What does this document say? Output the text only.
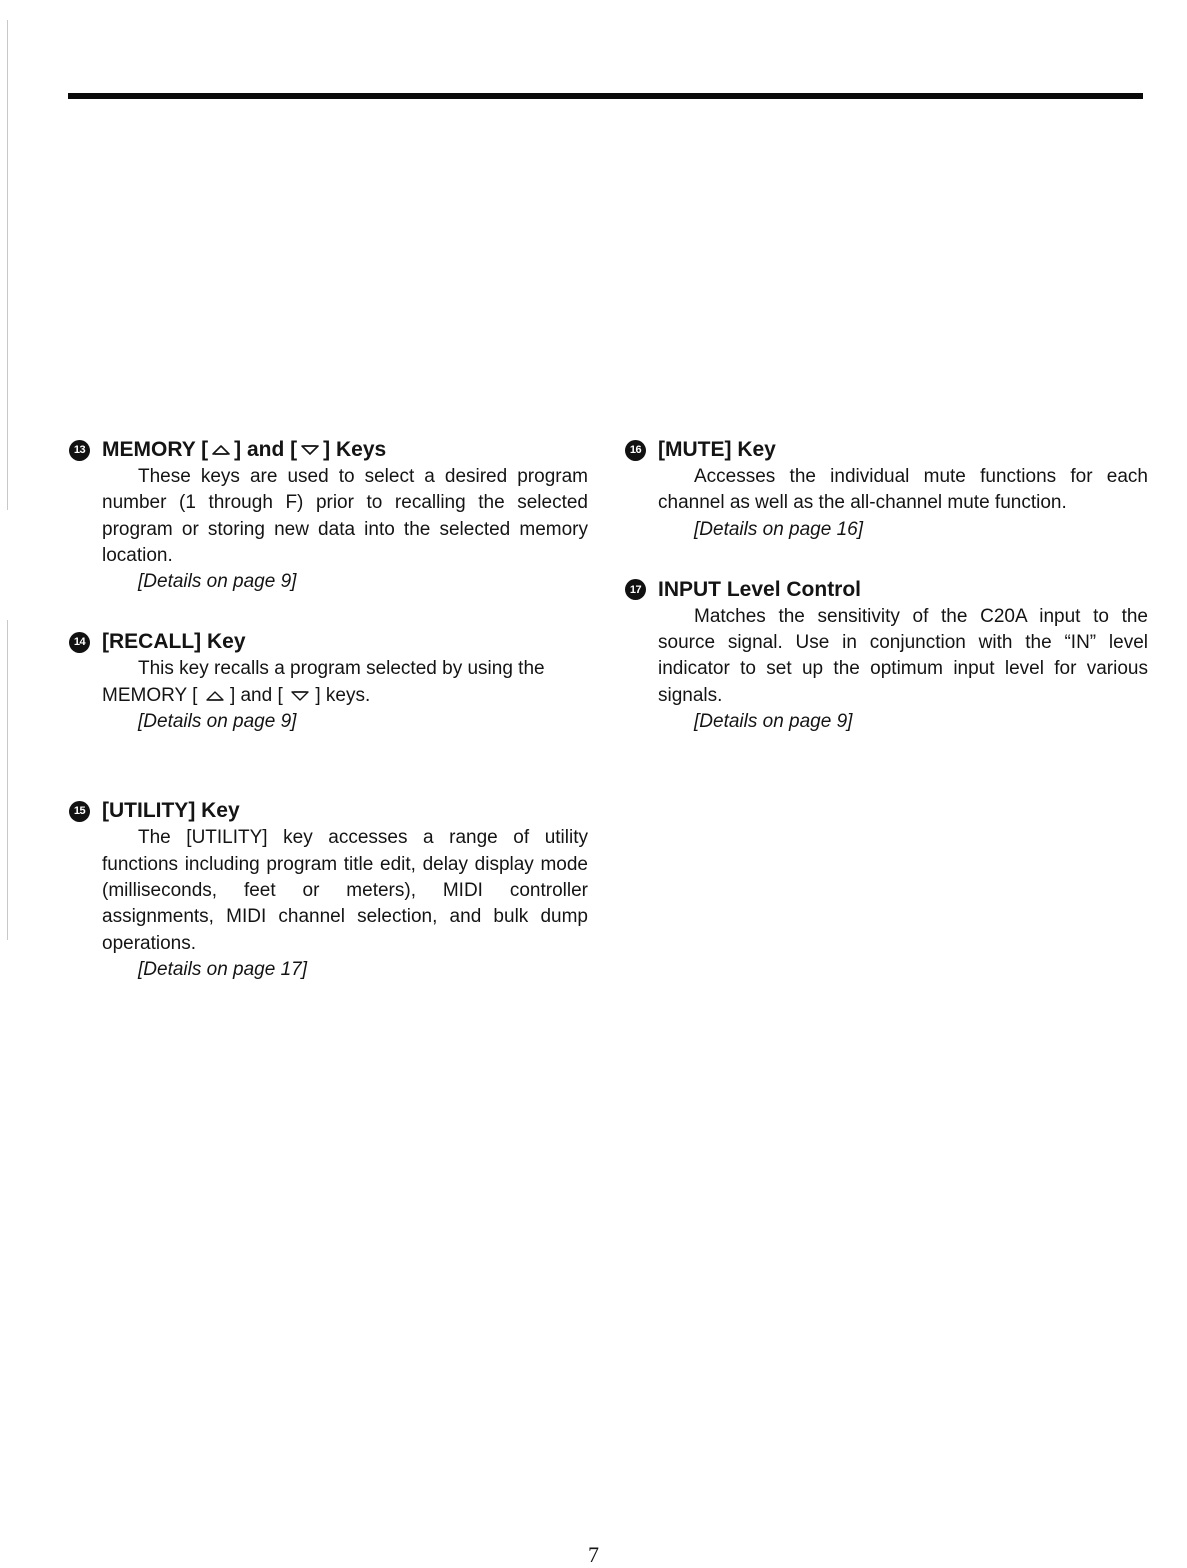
13 MEMORY [ ] and [ ] Keys
These keys are used to select a desired program number (1 through F) prior to recalling the selected program or storing new data into the selected memory location.
[Details on page 9]
14 [RECALL] Key
This key recalls a program selected by using the
MEMORY [ ] and [ ] keys.
[Details on page 9]
15 [UTILITY] Key
The [UTILITY] key accesses a range of utility functions including program title edit, delay display mode (milliseconds, feet or meters), MIDI controller assignments, MIDI channel selection, and bulk dump operations.
[Details on page 17]
16 [MUTE] Key
Accesses the individual mute functions for each channel as well as the all-channel mute function.
[Details on page 16]
17 INPUT Level Control
Matches the sensitivity of the C20A input to the source signal. Use in conjunction with the “IN” level indicator to set up the optimum input level for various signals.
[Details on page 9]
7
